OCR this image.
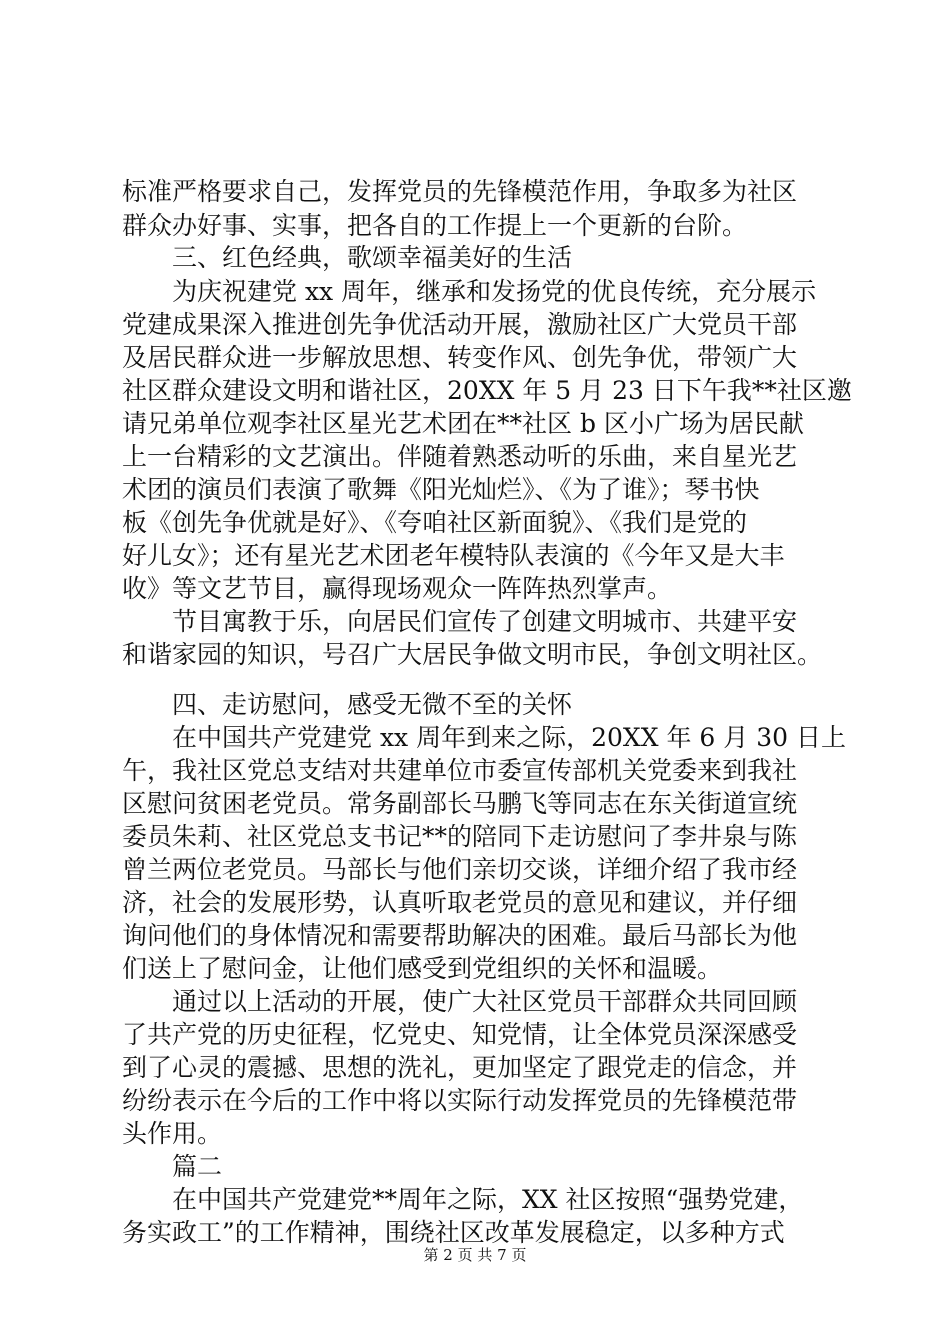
标准严格要求自己，发挥党员的先锋模范作用，争取多为社区
群众办好事、实事，把各自的工作提上一个更新的台阶。
三、红色经典，歌颂幸福美好的生活
为庆祝建党 xx 周年，继承和发扬党的优良传统，充分展示
党建成果深入推进创先争优活动开展，激励社区广大党员干部
及居民群众进一步解放思想、转变作风、创先争优，带领广大
社区群众建设文明和谐社区，20XX 年 5 月 23 日下午我**社区邀
请兄弟单位观李社区星光艺术团在**社区 b 区小广场为居民献
上一台精彩的文艺演出。伴随着熟悉动听的乐曲，来自星光艺
术团的演员们表演了歌舞《阳光灿烂》、《为了谁》；琴书快
板《创先争优就是好》、《夸咱社区新面貌》、《我们是党的
好儿女》；还有星光艺术团老年模特队表演的《今年又是大丰
收》等文艺节目，赢得现场观众一阵阵热烈掌声。
节目寓教于乐，向居民们宣传了创建文明城市、共建平安
和谐家园的知识，号召广大居民争做文明市民，争创文明社区。
四、走访慰问，感受无微不至的关怀
在中国共产党建党 xx 周年到来之际，20XX 年 6 月 30 日上
午，我社区党总支结对共建单位市委宣传部机关党委来到我社
区慰问贫困老党员。常务副部长马鹏飞等同志在东关街道宣统
委员朱莉、社区党总支书记**的陪同下走访慰问了李井泉与陈
曾兰两位老党员。马部长与他们亲切交谈，详细介绍了我市经
济，社会的发展形势，认真听取老党员的意见和建议，并仔细
询问他们的身体情况和需要帮助解决的困难。最后马部长为他
们送上了慰问金，让他们感受到党组织的关怀和温暖。
通过以上活动的开展，使广大社区党员干部群众共同回顾
了共产党的历史征程，忆党史、知党情，让全体党员深深感受
到了心灵的震撼、思想的洗礼，更加坚定了跟党走的信念，并
纷纷表示在今后的工作中将以实际行动发挥党员的先锋模范带
头作用。
篇二
在中国共产党建党**周年之际，XX 社区按照“强势党建，
务实政工”的工作精神，围绕社区改革发展稳定，以多种方式
第 2 页 共 7 页
